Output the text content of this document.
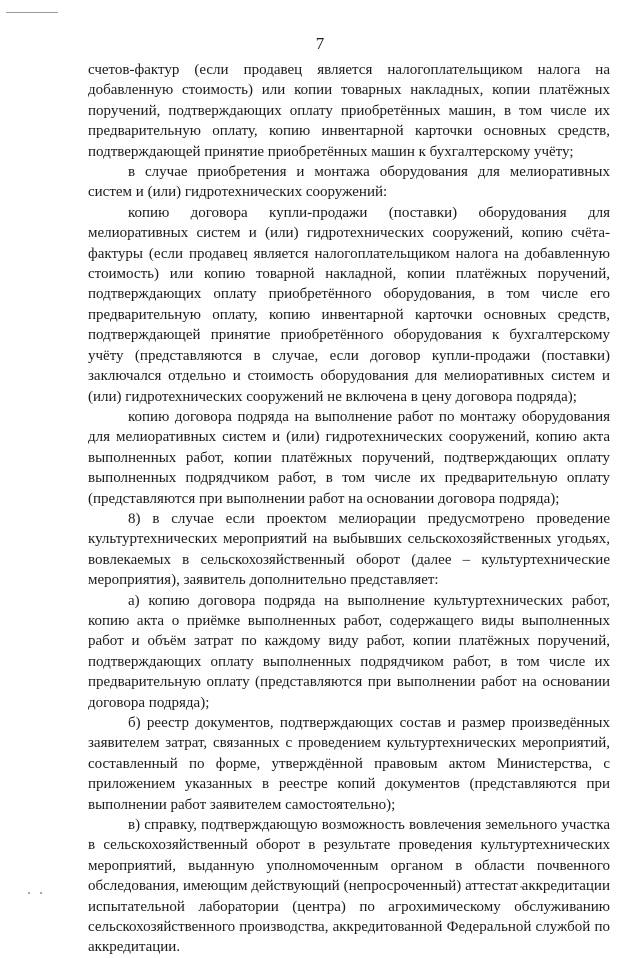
7

счетов-фактур (если продавец является налогоплательщиком налога на добавленную стоимость) или копии товарных накладных, копии платёжных поручений, подтверждающих оплату приобретённых машин, в том числе их предварительную оплату, копию инвентарной карточки основных средств, подтверждающей принятие приобретённых машин к бухгалтерскому учёту;

в случае приобретения и монтажа оборудования для мелиоративных систем и (или) гидротехнических сооружений:

копию договора купли-продажи (поставки) оборудования для мелиоративных систем и (или) гидротехнических сооружений, копию счёта-фактуры (если продавец является налогоплательщиком налога на добавленную стоимость) или копию товарной накладной, копии платёжных поручений, подтверждающих оплату приобретённого оборудования, в том числе его предварительную оплату, копию инвентарной карточки основных средств, подтверждающей принятие приобретённого оборудования к бухгалтерскому учёту (представляются в случае, если договор купли-продажи (поставки) заключался отдельно и стоимость оборудования для мелиоративных систем и (или) гидротехнических сооружений не включена в цену договора подряда);

копию договора подряда на выполнение работ по монтажу оборудования для мелиоративных систем и (или) гидротехнических сооружений, копию акта выполненных работ, копии платёжных поручений, подтверждающих оплату выполненных подрядчиком работ, в том числе их предварительную оплату (представляются при выполнении работ на основании договора подряда);

8) в случае если проектом мелиорации предусмотрено проведение культуртехнических мероприятий на выбывших сельскохозяйственных угодьях, вовлекаемых в сельскохозяйственный оборот (далее – культуртехнические мероприятия), заявитель дополнительно представляет:

а) копию договора подряда на выполнение культуртехнических работ, копию акта о приёмке выполненных работ, содержащего виды выполненных работ и объём затрат по каждому виду работ, копии платёжных поручений, подтверждающих оплату выполненных подрядчиком работ, в том числе их предварительную оплату (представляются при выполнении работ на основании договора подряда);

б) реестр документов, подтверждающих состав и размер произведённых заявителем затрат, связанных с проведением культуртехнических мероприятий, составленный по форме, утверждённой правовым актом Министерства, с приложением указанных в реестре копий документов (представляются при выполнении работ заявителем самостоятельно);

в) справку, подтверждающую возможность вовлечения земельного участка в сельскохозяйственный оборот в результате проведения культуртехнических мероприятий, выданную уполномоченным органом в области почвенного обследования, имеющим действующий (непросроченный) аттестат аккредитации испытательной лаборатории (центра) по агрохимическому обслуживанию сельскохозяйственного производства, аккредитованной Федеральной службой по аккредитации.
